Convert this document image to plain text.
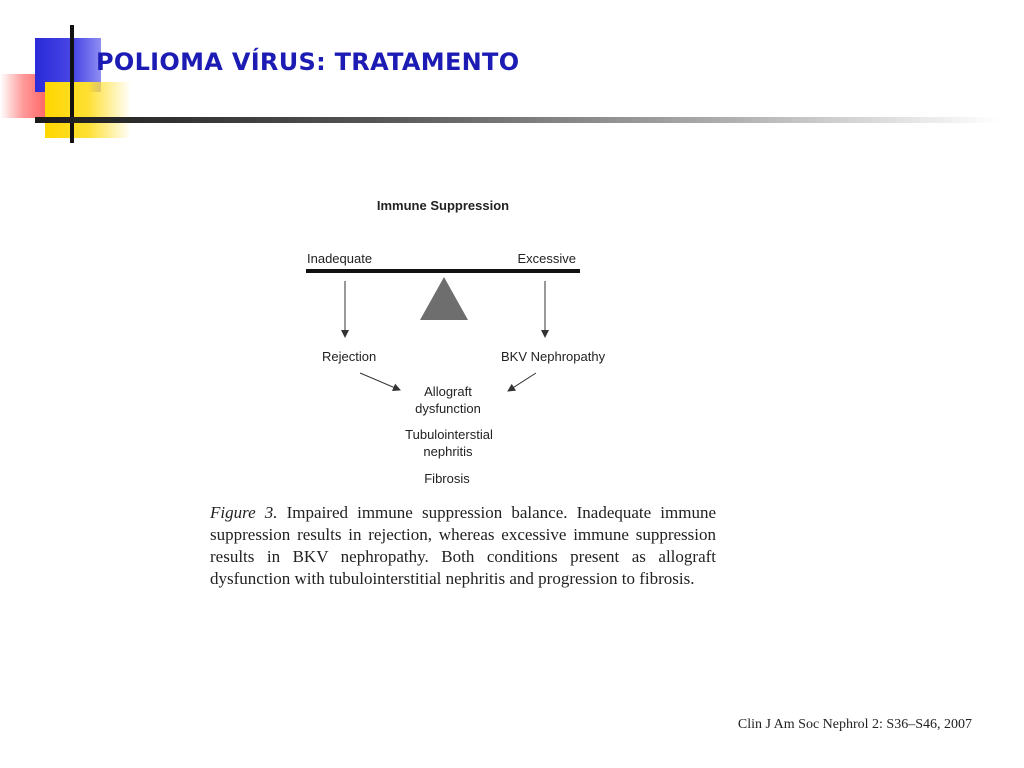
POLIOMA VÍRUS: TRATAMENTO
Immune Suppression
Inadequate	Excessive
Rejection	BKV Nephropathy
Allograft
dysfunction
Tubulointerstial
nephritis
Fibrosis
Figure 3. Impaired immune suppression balance. Inadequate immune suppression results in rejection, whereas excessive immune suppression results in BKV nephropathy. Both conditions present as allograft dysfunction with tubulointerstitial nephritis and progression to fibrosis.
Clin J Am Soc Nephrol 2: S36–S46, 2007
